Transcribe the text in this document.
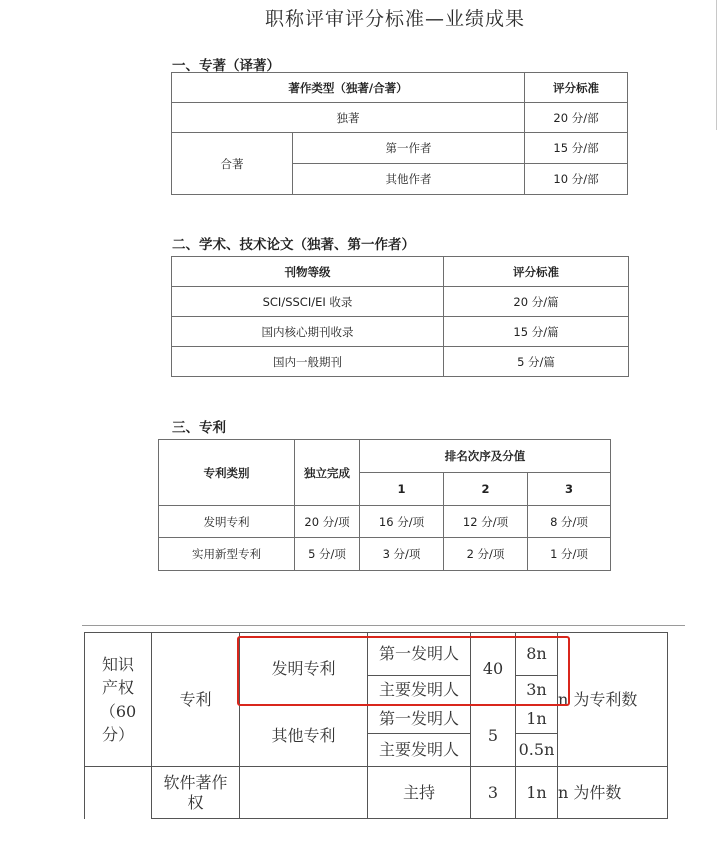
职称评审评分标准—业绩成果
一、专著（译著）
著作类型（独著/合著）		评分标准
独著		20 分/部
合著	第一作者	15 分/部
	其他作者	10 分/部
二、学术、技术论文（独著、第一作者）
刊物等级	评分标准
SCI/SSCI/EI 收录	20 分/篇
国内核心期刊收录	15 分/篇
国内一般期刊	5 分/篇
三、专利
专利类别	独立完成	排名次序及分值		
		1	2	3
发明专利	20 分/项	16 分/项	12 分/项	8 分/项
实用新型专利	5 分/项	3 分/项	2 分/项	1 分/项
知识产权（60分）	专利	发明专利	第一发明人	40	8n	n 为专利数
			主要发明人		3n	
		其他专利	第一发明人	5	1n	
			主要发明人		0.5n	

	软件著作权		主持	3	1n	n 为件数
